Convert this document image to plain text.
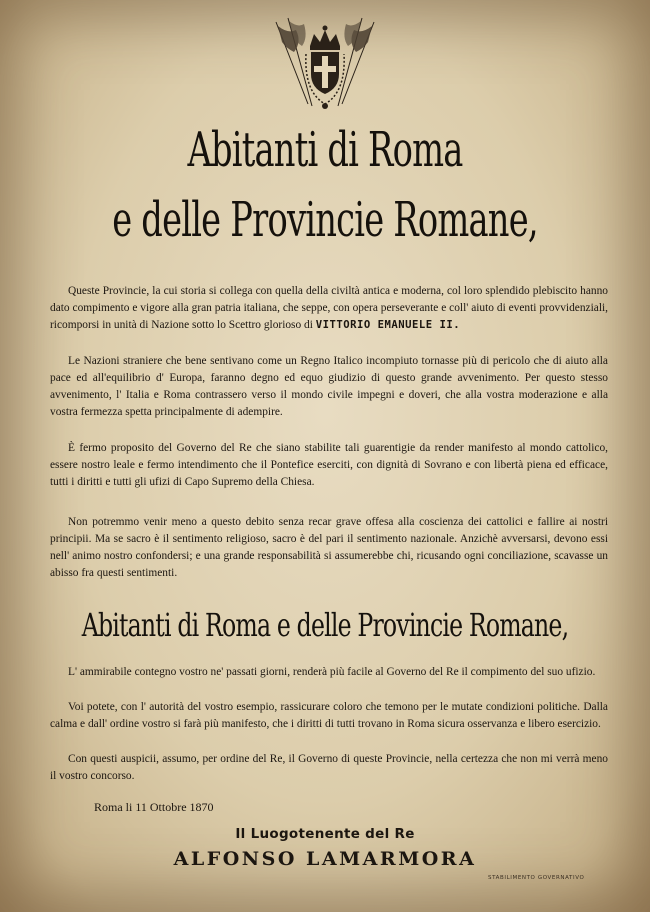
Abitanti di Roma
e delle Provincie Romane,
Queste Provincie, la cui storia si collega con quella della civiltà antica e moderna, col loro splendido plebiscito hanno dato compimento e vigore alla gran patria italiana, che seppe, con opera perseverante e coll' aiuto di eventi provvidenziali, ricomporsi in unità di Nazione sotto lo Scettro glorioso di VITTORIO EMANUELE II.
Le Nazioni straniere che bene sentivano come un Regno Italico incompiuto tornasse più di pericolo che di aiuto alla pace ed all'equilibrio d' Europa, faranno degno ed equo giudizio di questo grande avvenimento. Per questo stesso avvenimento, l' Italia e Roma contrassero verso il mondo civile impegni e doveri, che alla vostra moderazione e alla vostra fermezza spetta principalmente di adempire.
È fermo proposito del Governo del Re che siano stabilite tali guarentigie da render manifesto al mondo cattolico, essere nostro leale e fermo intendimento che il Pontefice eserciti, con dignità di Sovrano e con libertà piena ed efficace, tutti i diritti e tutti gli ufizi di Capo Supremo della Chiesa.
Non potremmo venir meno a questo debito senza recar grave offesa alla coscienza dei cattolici e fallire ai nostri principii. Ma se sacro è il sentimento religioso, sacro è del pari il sentimento nazionale. Anzichè avversarsi, devono essi nell' animo nostro confondersi; e una grande responsabilità si assumerebbe chi, ricusando ogni conciliazione, scavasse un abisso fra questi sentimenti.
Abitanti di Roma e delle Provincie Romane,
L' ammirabile contegno vostro ne' passati giorni, renderà più facile al Governo del Re il compimento del suo ufizio.
Voi potete, con l' autorità del vostro esempio, rassicurare coloro che temono per le mutate condizioni politiche. Dalla calma e dall' ordine vostro si farà più manifesto, che i diritti di tutti trovano in Roma sicura osservanza e libero esercizio.
Con questi auspicii, assumo, per ordine del Re, il Governo di queste Provincie, nella certezza che non mi verrà meno il vostro concorso.
Roma li 11 Ottobre 1870
Il Luogotenente del Re
ALFONSO LAMARMORA
STABILIMENTO GOVERNATIVO
